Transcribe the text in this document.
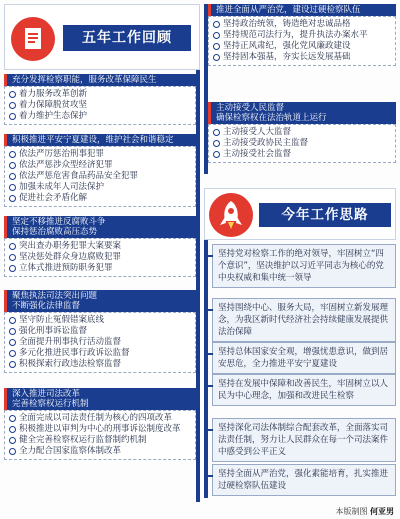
五年工作回顾
充分发挥检察职能，服务改革保障民生
着力服务改革创新
着力保障脱贫攻坚
着力维护生态保护
积极推进平安宁夏建设，维护社会和谐稳定
依法严厉惩治刑事犯罪
依法严惩涉众型经济犯罪
依法严惩危害食品药品安全犯罪
加强未成年人司法保护
促进社会矛盾化解
坚定不移推进反腐败斗争
保持惩治腐败高压态势
突出查办职务犯罪大案要案
坚决惩处群众身边腐败犯罪
立体式推进预防职务犯罪
聚焦执法司法突出问题
不断强化法律监督
坚守防止冤假错案底线
强化刑事诉讼监督
全面提升刑事执行活动监督
多元化推进民事行政诉讼监督
积极探索行政违法检察监督
深入推进司法改革
完善检察权运行机制
全面完成以司法责任制为核心的四项改革
积极推进以审判为中心的刑事诉讼制度改革
健全完善检察权运行监督制约机制
全力配合国家监察体制改革
推进全面从严治党，建设过硬检察队伍
坚持政治统领，铸造绝对忠诚品格
坚持规范司法行为，提升执法办案水平
坚持正风肃纪，强化党风廉政建设
坚持固本强基，夯实长远发展基础
主动接受人民监督
确保检察权在法治轨道上运行
主动接受人大监督
主动接受政协民主监督
主动接受社会监督
今年工作思路
坚持党对检察工作的绝对领导，牢固树立“四个意识”，坚决维护以习近平同志为核心的党中央权威和集中统一领导
坚持围绕中心、服务大局，牢固树立新发展理念，为我区新时代经济社会持续健康发展提供法治保障
坚持总体国家安全观，增强忧患意识，做到居安思危，全力推进平安宁夏建设
坚持在发展中保障和改善民生，牢固树立以人民为中心理念，加强和改进民生检察
坚持深化司法体制综合配套改革，全面落实司法责任制，努力让人民群众在每一个司法案件中感受到公平正义
坚持全面从严治党，强化素能培育，扎实推进过硬检察队伍建设
本版制图 何亚男
